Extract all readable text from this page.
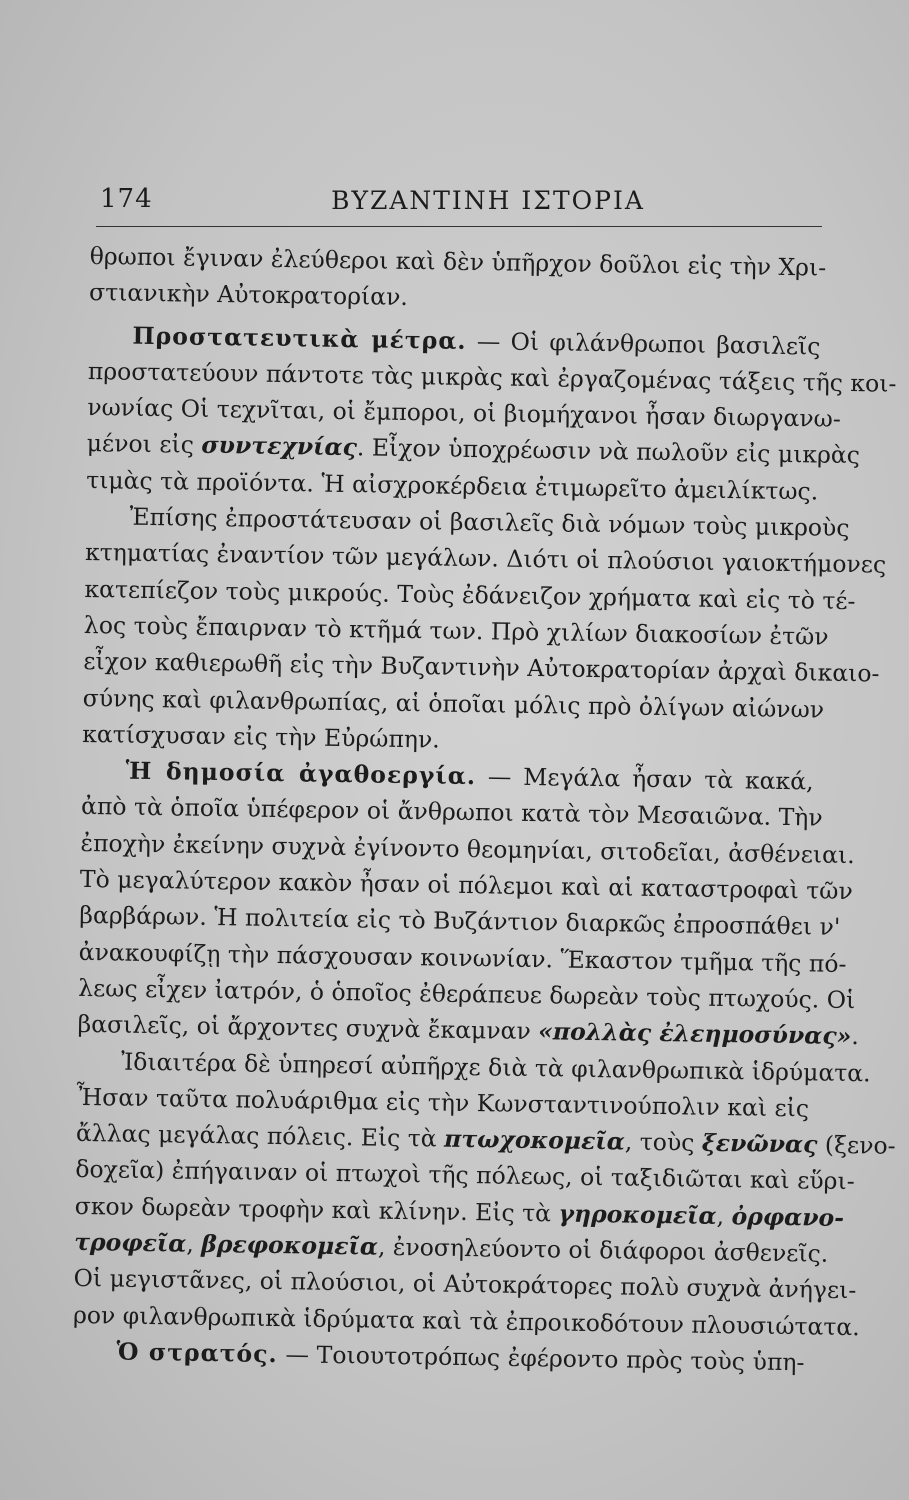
174	ΒΥΖΑΝΤΙΝΗ ΙΣΤΟΡΙΑ
θρωποι ἔγιναν ἐλεύθεροι καὶ δὲν ὑπῆρχον δοῦλοι εἰς τὴν Χρι-
στιανικὴν Αὐτοκρατορίαν.
Προστατευτικὰ μέτρα. — Οἱ φιλάνθρωποι βασιλεῖς
προστατεύουν πάντοτε τὰς μικρὰς καὶ ἐργαζομένας τάξεις τῆς κοι-
νωνίας Οἱ τεχνῖται, οἱ ἔμποροι, οἱ βιομήχανοι ἦσαν διωργανω-
μένοι εἰς συντεχνίας. Εἶχον ὑποχρέωσιν νὰ πωλοῦν εἰς μικρὰς
τιμὰς τὰ προϊόντα. Ἡ αἰσχροκέρδεια ἐτιμωρεῖτο ἀμειλίκτως.
Ἐπίσης ἐπροστάτευσαν οἱ βασιλεῖς διὰ νόμων τοὺς μικροὺς
κτηματίας ἐναντίον τῶν μεγάλων. Διότι οἱ πλούσιοι γαιοκτήμονες
κατεπίεζον τοὺς μικρούς. Τοὺς ἐδάνειζον χρήματα καὶ εἰς τὸ τέ-
λος τοὺς ἔπαιρναν τὸ κτῆμά των. Πρὸ χιλίων διακοσίων ἐτῶν
εἶχον καθιερωθῆ εἰς τὴν Βυζαντινὴν Αὐτοκρατορίαν ἀρχαὶ δικαιο-
σύνης καὶ φιλανθρωπίας, αἱ ὁποῖαι μόλις πρὸ ὀλίγων αἰώνων
κατίσχυσαν εἰς τὴν Εὐρώπην.
Ἡ δημοσία ἀγαθοεργία. — Μεγάλα ἦσαν τὰ κακά,
ἀπὸ τὰ ὁποῖα ὑπέφερον οἱ ἄνθρωποι κατὰ τὸν Μεσαιῶνα. Τὴν
ἐποχὴν ἐκείνην συχνὰ ἐγίνοντο θεομηνίαι, σιτοδεῖαι, ἀσθένειαι.
Τὸ μεγαλύτερον κακὸν ἦσαν οἱ πόλεμοι καὶ αἱ καταστροφαὶ τῶν
βαρβάρων. Ἡ πολιτεία εἰς τὸ Βυζάντιον διαρκῶς ἐπροσπάθει ν'
ἀνακουφίζῃ τὴν πάσχουσαν κοινωνίαν. Ἕκαστον τμῆμα τῆς πό-
λεως εἶχεν ἰατρόν, ὁ ὁποῖος ἐθεράπευε δωρεὰν τοὺς πτωχούς. Οἱ
βασιλεῖς, οἱ ἄρχοντες συχνὰ ἔκαμναν «πολλὰς ἐλεημοσύνας».
Ἰδιαιτέρα δὲ ὑπηρεσί αὐπῆρχε διὰ τὰ φιλανθρωπικὰ ἱδρύματα.
Ἦσαν ταῦτα πολυάριθμα εἰς τὴν Κωνσταντινούπολιν καὶ εἰς
ἄλλας μεγάλας πόλεις. Εἰς τὰ πτωχοκομεῖα, τοὺς ξενῶνας (ξενο-
δοχεῖα) ἐπήγαιναν οἱ πτωχοὶ τῆς πόλεως, οἱ ταξιδιῶται καὶ εὕρι-
σκον δωρεὰν τροφὴν καὶ κλίνην. Εἰς τὰ γηροκομεῖα, ὀρφανο-
τροφεῖα, βρεφοκομεῖα, ἐνοσηλεύοντο οἱ διάφοροι ἀσθενεῖς.
Οἱ μεγιστᾶνες, οἱ πλούσιοι, οἱ Αὐτοκράτορες πολὺ συχνὰ ἀνήγει-
ρον φιλανθρωπικὰ ἱδρύματα καὶ τὰ ἐπροικοδότουν πλουσιώτατα.
Ὁ στρατός. — Τοιουτοτρόπως ἐφέροντο πρὸς τοὺς ὑπη-
